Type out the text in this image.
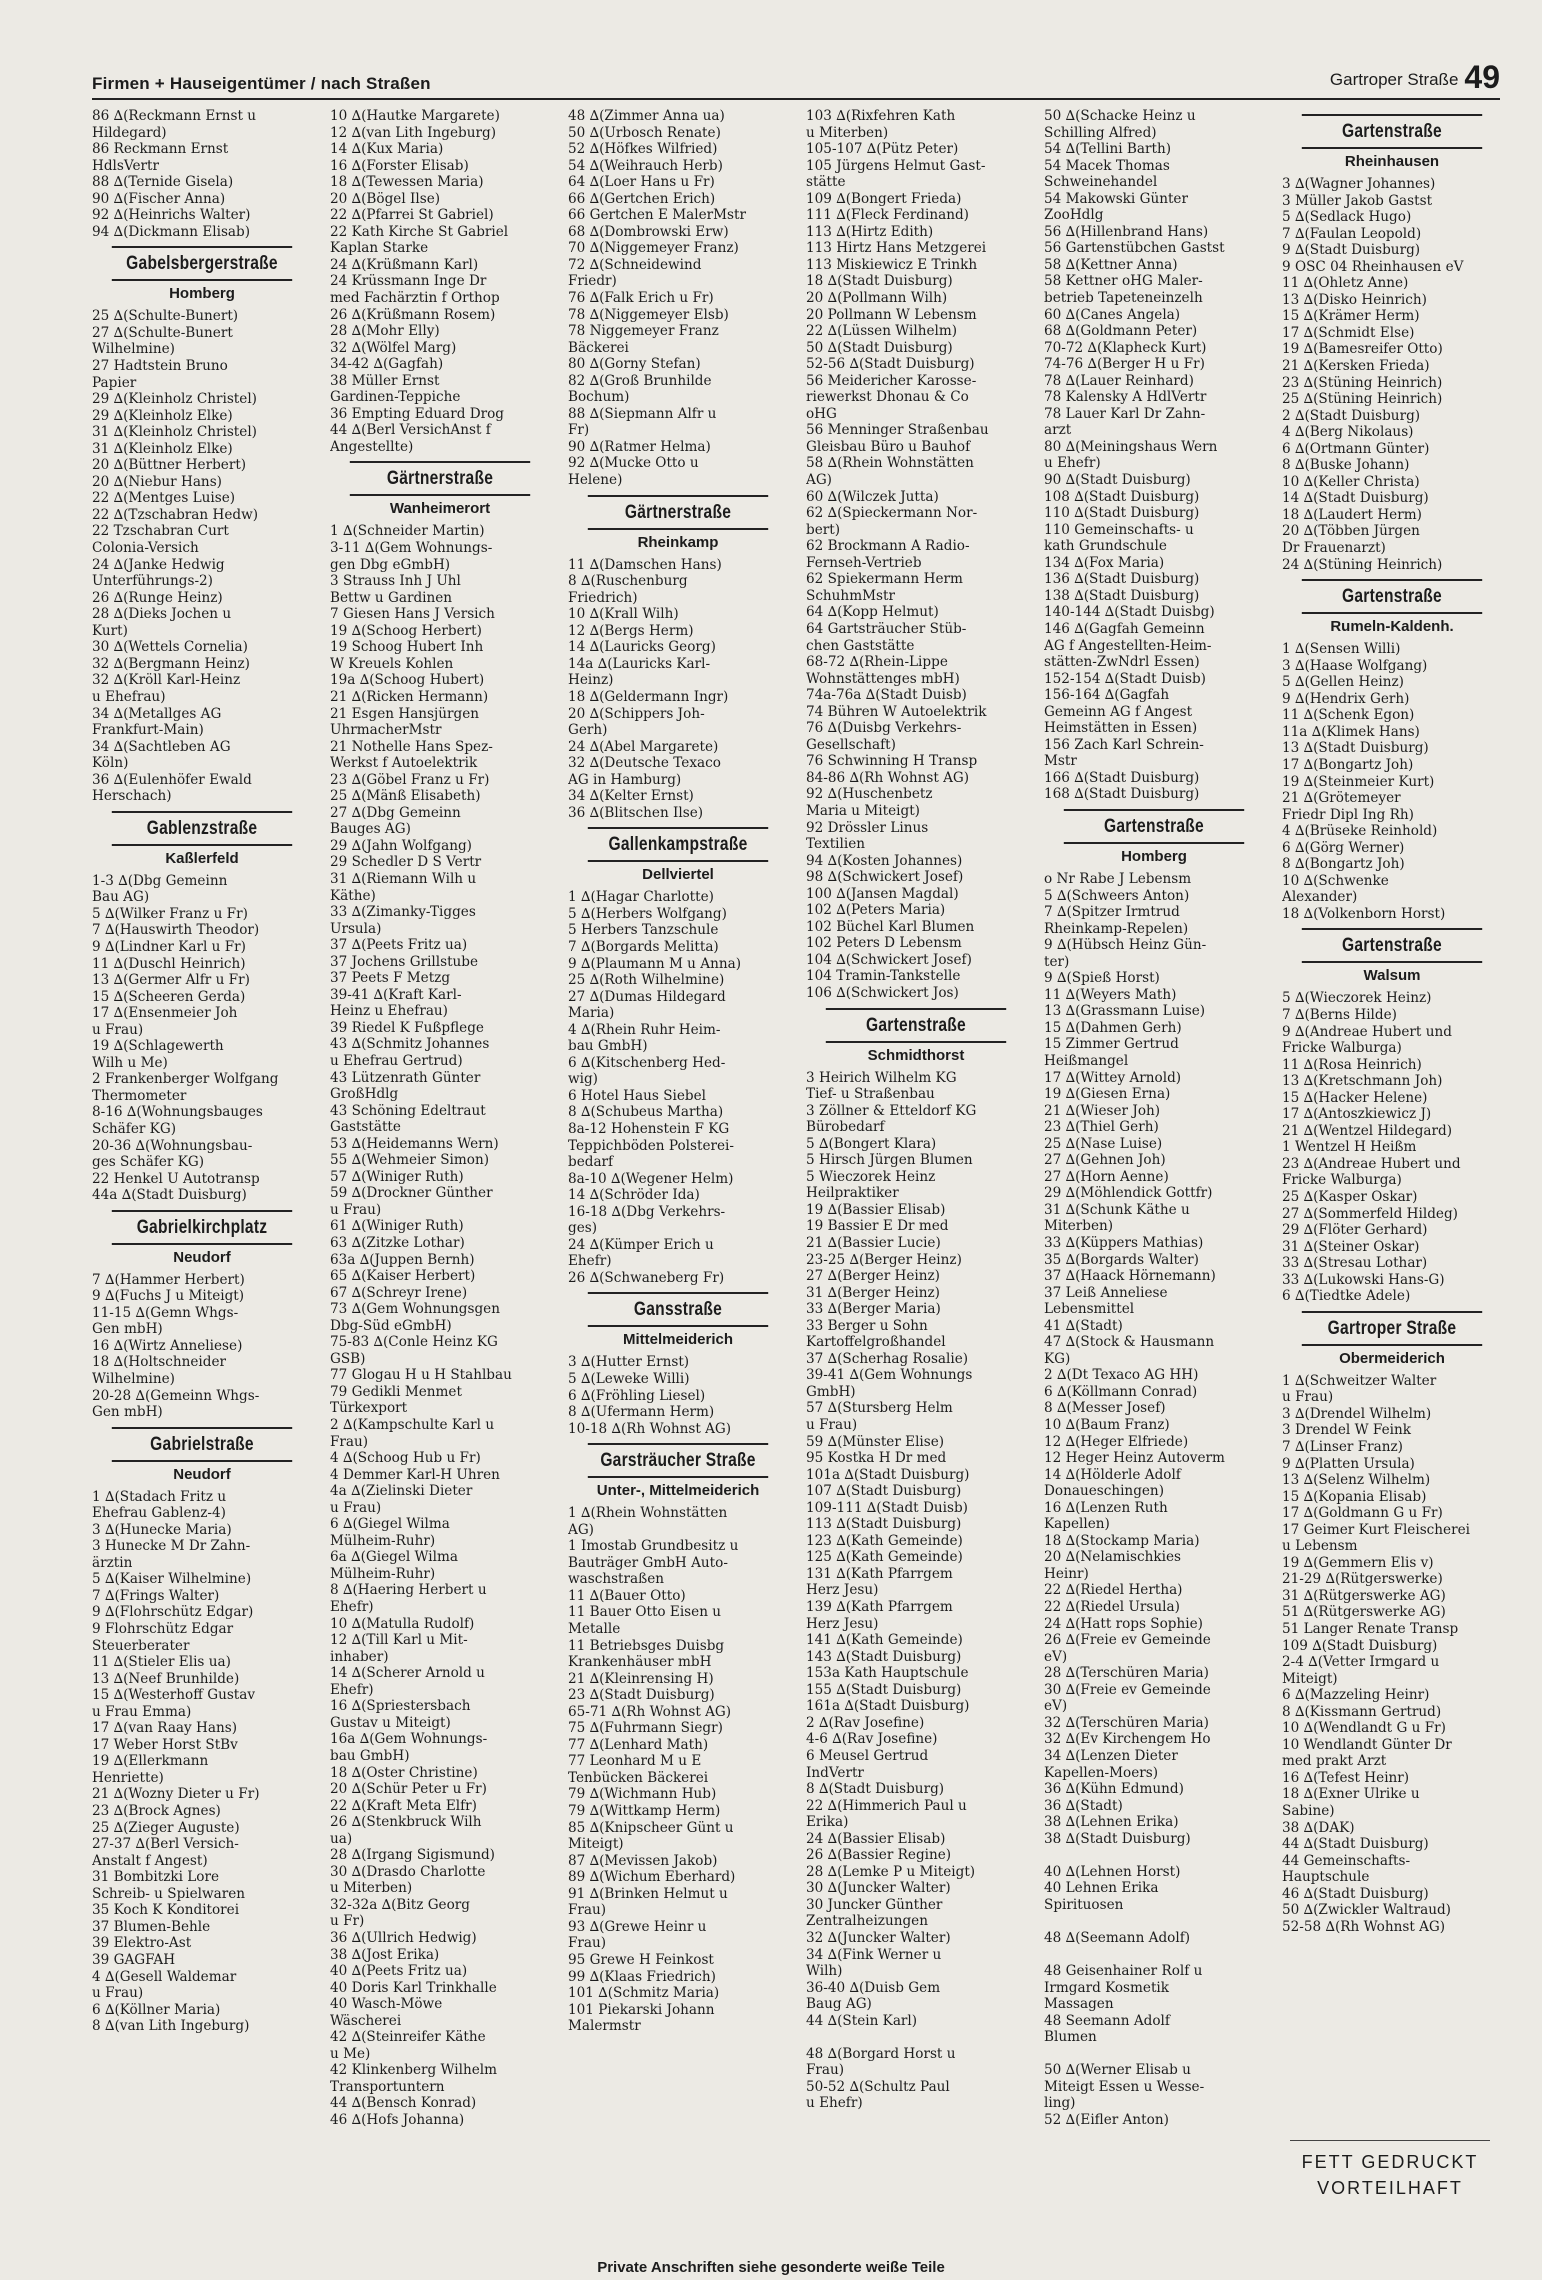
Firmen + Hauseigentümer / nach Straßen	Gartroper Straße 49
86 ∆(Reckmann Ernst u
Hildegard)
86 Reckmann Ernst
HdlsVertr
88 ∆(Ternide Gisela)
90 ∆(Fischer Anna)
92 ∆(Heinrichs Walter)
94 ∆(Dickmann Elisab)
Gabelsbergerstraße
Homberg
25 ∆(Schulte-Bunert)
27 ∆(Schulte-Bunert
Wilhelmine)
27 Hadtstein Bruno
Papier
29 ∆(Kleinholz Christel)
29 ∆(Kleinholz Elke)
31 ∆(Kleinholz Christel)
31 ∆(Kleinholz Elke)
20 ∆(Büttner Herbert)
20 ∆(Niebur Hans)
22 ∆(Mentges Luise)
22 ∆(Tzschabran Hedw)
22 Tzschabran Curt
Colonia-Versich
24 ∆(Janke Hedwig
Unterführungs-2)
26 ∆(Runge Heinz)
28 ∆(Dieks Jochen u
Kurt)
30 ∆(Wettels Cornelia)
32 ∆(Bergmann Heinz)
32 ∆(Kröll Karl-Heinz
u Ehefrau)
34 ∆(Metallges AG
Frankfurt-Main)
34 ∆(Sachtleben AG
Köln)
36 ∆(Eulenhöfer Ewald
Herschach)
Gablenzstraße
Kaßlerfeld
1-3 ∆(Dbg Gemeinn
Bau AG)
5 ∆(Wilker Franz u Fr)
7 ∆(Hauswirth Theodor)
9 ∆(Lindner Karl u Fr)
11 ∆(Duschl Heinrich)
13 ∆(Germer Alfr u Fr)
15 ∆(Scheeren Gerda)
17 ∆(Ensenmeier Joh
u Frau)
19 ∆(Schlagewerth
Wilh u Me)
2 Frankenberger Wolfgang
Thermometer
8-16 ∆(Wohnungsbauges
Schäfer KG)
20-36 ∆(Wohnungsbau-
ges Schäfer KG)
22 Henkel U Autotransp
44a ∆(Stadt Duisburg)
Gabrielkirchplatz
Neudorf
7 ∆(Hammer Herbert)
9 ∆(Fuchs J u Miteigt)
11-15 ∆(Gemn Whgs-
Gen mbH)
16 ∆(Wirtz Anneliese)
18 ∆(Holtschneider
Wilhelmine)
20-28 ∆(Gemeinn Whgs-
Gen mbH)
Gabrielstraße
Neudorf
1 ∆(Stadach Fritz u
Ehefrau Gablenz-4)
3 ∆(Hunecke Maria)
3 Hunecke M Dr Zahn-
ärztin
5 ∆(Kaiser Wilhelmine)
7 ∆(Frings Walter)
9 ∆(Flohrschütz Edgar)
9 Flohrschütz Edgar
Steuerberater
11 ∆(Stieler Elis ua)
13 ∆(Neef Brunhilde)
15 ∆(Westerhoff Gustav
u Frau Emma)
17 ∆(van Raay Hans)
17 Weber Horst StBv
19 ∆(Ellerkmann
Henriette)
21 ∆(Wozny Dieter u Fr)
23 ∆(Brock Agnes)
25 ∆(Zieger Auguste)
27-37 ∆(Berl Versich-
Anstalt f Angest)
31 Bombitzki Lore
Schreib- u Spielwaren
35 Koch K Konditorei
37 Blumen-Behle
39 Elektro-Ast
39 GAGFAH
4 ∆(Gesell Waldemar
u Frau)
6 ∆(Köllner Maria)
8 ∆(van Lith Ingeburg)
10 ∆(Hautke Margarete)
12 ∆(van Lith Ingeburg)
14 ∆(Kux Maria)
16 ∆(Forster Elisab)
18 ∆(Tewessen Maria)
20 ∆(Bögel Ilse)
22 ∆(Pfarrei St Gabriel)
22 Kath Kirche St Gabriel
Kaplan Starke
24 ∆(Krüßmann Karl)
24 Krüssmann Inge Dr
med Fachärztin f Orthop
26 ∆(Krüßmann Rosem)
28 ∆(Mohr Elly)
32 ∆(Wölfel Marg)
34-42 ∆(Gagfah)
38 Müller Ernst
Gardinen-Teppiche
36 Empting Eduard Drog
44 ∆(Berl VersichAnst f
Angestellte)
Gärtnerstraße
Wanheimerort
1 ∆(Schneider Martin)
3-11 ∆(Gem Wohnungs-
gen Dbg eGmbH)
3 Strauss Inh J Uhl
Bettw u Gardinen
7 Giesen Hans J Versich
19 ∆(Schoog Herbert)
19 Schoog Hubert Inh
W Kreuels Kohlen
19a ∆(Schoog Hubert)
21 ∆(Ricken Hermann)
21 Esgen Hansjürgen
UhrmacherMstr
21 Nothelle Hans Spez-
Werkst f Autoelektrik
23 ∆(Göbel Franz u Fr)
25 ∆(Mänß Elisabeth)
27 ∆(Dbg Gemeinn
Bauges AG)
29 ∆(Jahn Wolfgang)
29 Schedler D S Vertr
31 ∆(Riemann Wilh u
Käthe)
33 ∆(Zimanky-Tigges
Ursula)
37 ∆(Peets Fritz ua)
37 Jochens Grillstube
37 Peets F Metzg
39-41 ∆(Kraft Karl-
Heinz u Ehefrau)
39 Riedel K Fußpflege
43 ∆(Schmitz Johannes
u Ehefrau Gertrud)
43 Lützenrath Günter
GroßHdlg
43 Schöning Edeltraut
Gaststätte
53 ∆(Heidemanns Wern)
55 ∆(Wehmeier Simon)
57 ∆(Winiger Ruth)
59 ∆(Drockner Günther
u Frau)
61 ∆(Winiger Ruth)
63 ∆(Zitzke Lothar)
63a ∆(Juppen Bernh)
65 ∆(Kaiser Herbert)
67 ∆(Schreyr Irene)
73 ∆(Gem Wohnungsgen
Dbg-Süd eGmbH)
75-83 ∆(Conle Heinz KG
GSB)
77 Glogau H u H Stahlbau
79 Gedikli Menmet
Türkexport
2 ∆(Kampschulte Karl u
Frau)
4 ∆(Schoog Hub u Fr)
4 Demmer Karl-H Uhren
4a ∆(Zielinski Dieter
u Frau)
6 ∆(Giegel Wilma
Mülheim-Ruhr)
6a ∆(Giegel Wilma
Mülheim-Ruhr)
8 ∆(Haering Herbert u
Ehefr)
10 ∆(Matulla Rudolf)
12 ∆(Till Karl u Mit-
inhaber)
14 ∆(Scherer Arnold u
Ehefr)
16 ∆(Spriestersbach
Gustav u Miteigt)
16a ∆(Gem Wohnungs-
bau GmbH)
18 ∆(Oster Christine)
20 ∆(Schür Peter u Fr)
22 ∆(Kraft Meta Elfr)
26 ∆(Stenkbruck Wilh
ua)
28 ∆(Irgang Sigismund)
30 ∆(Drasdo Charlotte
u Miterben)
32-32a ∆(Bitz Georg
u Fr)
36 ∆(Ullrich Hedwig)
38 ∆(Jost Erika)
40 ∆(Peets Fritz ua)
40 Doris Karl Trinkhalle
40 Wasch-Möwe
Wäscherei
42 ∆(Steinreifer Käthe
u Me)
42 Klinkenberg Wilhelm
Transportuntern
44 ∆(Bensch Konrad)
46 ∆(Hofs Johanna)
48 ∆(Zimmer Anna ua)
50 ∆(Urbosch Renate)
52 ∆(Höfkes Wilfried)
54 ∆(Weihrauch Herb)
64 ∆(Loer Hans u Fr)
66 ∆(Gertchen Erich)
66 Gertchen E MalerMstr
68 ∆(Dombrowski Erw)
70 ∆(Niggemeyer Franz)
72 ∆(Schneidewind
Friedr)
76 ∆(Falk Erich u Fr)
78 ∆(Niggemeyer Elsb)
78 Niggemeyer Franz
Bäckerei
80 ∆(Gorny Stefan)
82 ∆(Groß Brunhilde
Bochum)
88 ∆(Siepmann Alfr u
Fr)
90 ∆(Ratmer Helma)
92 ∆(Mucke Otto u
Helene)
Gärtnerstraße
Rheinkamp
11 ∆(Damschen Hans)
8 ∆(Ruschenburg
Friedrich)
10 ∆(Krall Wilh)
12 ∆(Bergs Herm)
14 ∆(Lauricks Georg)
14a ∆(Lauricks Karl-
Heinz)
18 ∆(Geldermann Ingr)
20 ∆(Schippers Joh-
Gerh)
24 ∆(Abel Margarete)
32 ∆(Deutsche Texaco
AG in Hamburg)
34 ∆(Kelter Ernst)
36 ∆(Blitschen Ilse)
Gallenkampstraße
Dellviertel
1 ∆(Hagar Charlotte)
5 ∆(Herbers Wolfgang)
5 Herbers Tanzschule
7 ∆(Borgards Melitta)
9 ∆(Plaumann M u Anna)
25 ∆(Roth Wilhelmine)
27 ∆(Dumas Hildegard
Maria)
4 ∆(Rhein Ruhr Heim-
bau GmbH)
6 ∆(Kitschenberg Hed-
wig)
6 Hotel Haus Siebel
8 ∆(Schubeus Martha)
8a-12 Hohenstein F KG
Teppichböden Polsterei-
bedarf
8a-10 ∆(Wegener Helm)
14 ∆(Schröder Ida)
16-18 ∆(Dbg Verkehrs-
ges)
24 ∆(Kümper Erich u
Ehefr)
26 ∆(Schwaneberg Fr)
Gansstraße
Mittelmeiderich
3 ∆(Hutter Ernst)
5 ∆(Leweke Willi)
6 ∆(Fröhling Liesel)
8 ∆(Ufermann Herm)
10-18 ∆(Rh Wohnst AG)
Garsträucher Straße
Unter-, Mittelmeiderich
1 ∆(Rhein Wohnstätten
AG)
1 Imostab Grundbesitz u
Bauträger GmbH Auto-
waschstraßen
11 ∆(Bauer Otto)
11 Bauer Otto Eisen u
Metalle
11 Betriebsges Duisbg
Krankenhäuser mbH
21 ∆(Kleinrensing H)
23 ∆(Stadt Duisburg)
65-71 ∆(Rh Wohnst AG)
75 ∆(Fuhrmann Siegr)
77 ∆(Lenhard Math)
77 Leonhard M u E
Tenbücken Bäckerei
79 ∆(Wichmann Hub)
79 ∆(Wittkamp Herm)
85 ∆(Knipscheer Günt u
Miteigt)
87 ∆(Mevissen Jakob)
89 ∆(Wichum Eberhard)
91 ∆(Brinken Helmut u
Frau)
93 ∆(Grewe Heinr u
Frau)
95 Grewe H Feinkost
99 ∆(Klaas Friedrich)
101 ∆(Schmitz Maria)
101 Piekarski Johann
Malermstr
103 ∆(Rixfehren Kath
u Miterben)
105-107 ∆(Pütz Peter)
105 Jürgens Helmut Gast-
stätte
109 ∆(Bongert Frieda)
111 ∆(Fleck Ferdinand)
113 ∆(Hirtz Edith)
113 Hirtz Hans Metzgerei
113 Miskiewicz E Trinkh
18 ∆(Stadt Duisburg)
20 ∆(Pollmann Wilh)
20 Pollmann W Lebensm
22 ∆(Lüssen Wilhelm)
50 ∆(Stadt Duisburg)
52-56 ∆(Stadt Duisburg)
56 Meidericher Karosse-
riewerkst Dhonau & Co
oHG
56 Menninger Straßenbau
Gleisbau Büro u Bauhof
58 ∆(Rhein Wohnstätten
AG)
60 ∆(Wilczek Jutta)
62 ∆(Spieckermann Nor-
bert)
62 Brockmann A Radio-
Fernseh-Vertrieb
62 Spiekermann Herm
SchuhmMstr
64 ∆(Kopp Helmut)
64 Gartsträucher Stüb-
chen Gaststätte
68-72 ∆(Rhein-Lippe
Wohnstättenges mbH)
74a-76a ∆(Stadt Duisb)
74 Bühren W Autoelektrik
76 ∆(Duisbg Verkehrs-
Gesellschaft)
76 Schwinning H Transp
84-86 ∆(Rh Wohnst AG)
92 ∆(Huschenbetz
Maria u Miteigt)
92 Drössler Linus
Textilien
94 ∆(Kosten Johannes)
98 ∆(Schwickert Josef)
100 ∆(Jansen Magdal)
102 ∆(Peters Maria)
102 Büchel Karl Blumen
102 Peters D Lebensm
104 ∆(Schwickert Josef)
104 Tramin-Tankstelle
106 ∆(Schwickert Jos)
Gartenstraße
Schmidthorst
3 Heirich Wilhelm KG
Tief- u Straßenbau
3 Zöllner & Etteldorf KG
Bürobedarf
5 ∆(Bongert Klara)
5 Hirsch Jürgen Blumen
5 Wieczorek Heinz
Heilpraktiker
19 ∆(Bassier Elisab)
19 Bassier E Dr med
21 ∆(Bassier Lucie)
23-25 ∆(Berger Heinz)
27 ∆(Berger Heinz)
31 ∆(Berger Heinz)
33 ∆(Berger Maria)
33 Berger u Sohn
Kartoffelgroßhandel
37 ∆(Scherhag Rosalie)
39-41 ∆(Gem Wohnungs
GmbH)
57 ∆(Stursberg Helm
u Frau)
59 ∆(Münster Elise)
95 Kostka H Dr med
101a ∆(Stadt Duisburg)
107 ∆(Stadt Duisburg)
109-111 ∆(Stadt Duisb)
113 ∆(Stadt Duisburg)
123 ∆(Kath Gemeinde)
125 ∆(Kath Gemeinde)
131 ∆(Kath Pfarrgem
Herz Jesu)
139 ∆(Kath Pfarrgem
Herz Jesu)
141 ∆(Kath Gemeinde)
143 ∆(Stadt Duisburg)
153a Kath Hauptschule
155 ∆(Stadt Duisburg)
161a ∆(Stadt Duisburg)
2 ∆(Rav Josefine)
4-6 ∆(Rav Josefine)
6 Meusel Gertrud
IndVertr
8 ∆(Stadt Duisburg)
22 ∆(Himmerich Paul u
Erika)
24 ∆(Bassier Elisab)
26 ∆(Bassier Regine)
28 ∆(Lemke P u Miteigt)
30 ∆(Juncker Walter)
30 Juncker Günther
Zentralheizungen
32 ∆(Juncker Walter)
34 ∆(Fink Werner u
Wilh)
36-40 ∆(Duisb Gem
Baug AG)
44 ∆(Stein Karl)

48 ∆(Borgard Horst u
Frau)
50-52 ∆(Schultz Paul
u Ehefr)
50 ∆(Schacke Heinz u
Schilling Alfred)
54 ∆(Tellini Barth)
54 Macek Thomas
Schweinehandel
54 Makowski Günter
ZooHdlg
56 ∆(Hillenbrand Hans)
56 Gartenstübchen Gastst
58 ∆(Kettner Anna)
58 Kettner oHG Maler-
betrieb Tapeteneinzelh
60 ∆(Canes Angela)
68 ∆(Goldmann Peter)
70-72 ∆(Klapheck Kurt)
74-76 ∆(Berger H u Fr)
78 ∆(Lauer Reinhard)
78 Kalensky A HdlVertr
78 Lauer Karl Dr Zahn-
arzt
80 ∆(Meiningshaus Wern
u Ehefr)
90 ∆(Stadt Duisburg)
108 ∆(Stadt Duisburg)
110 ∆(Stadt Duisburg)
110 Gemeinschafts- u
kath Grundschule
134 ∆(Fox Maria)
136 ∆(Stadt Duisburg)
138 ∆(Stadt Duisburg)
140-144 ∆(Stadt Duisbg)
146 ∆(Gagfah Gemeinn
AG f Angestellten-Heim-
stätten-ZwNdrl Essen)
152-154 ∆(Stadt Duisb)
156-164 ∆(Gagfah
Gemeinn AG f Angest
Heimstätten in Essen)
156 Zach Karl Schrein-
Mstr
166 ∆(Stadt Duisburg)
168 ∆(Stadt Duisburg)
Gartenstraße
Homberg
o Nr Rabe J Lebensm
5 ∆(Schweers Anton)
7 ∆(Spitzer Irmtrud
Rheinkamp-Repelen)
9 ∆(Hübsch Heinz Gün-
ter)
9 ∆(Spieß Horst)
11 ∆(Weyers Math)
13 ∆(Grassmann Luise)
15 ∆(Dahmen Gerh)
15 Zimmer Gertrud
Heißmangel
17 ∆(Wittey Arnold)
19 ∆(Giesen Erna)
21 ∆(Wieser Joh)
23 ∆(Thiel Gerh)
25 ∆(Nase Luise)
27 ∆(Gehnen Joh)
27 ∆(Horn Aenne)
29 ∆(Möhlendick Gottfr)
31 ∆(Schunk Käthe u
Miterben)
33 ∆(Küppers Mathias)
35 ∆(Borgards Walter)
37 ∆(Haack Hörnemann)
37 Leiß Anneliese
Lebensmittel
41 ∆(Stadt)
47 ∆(Stock & Hausmann
KG)
2 ∆(Dt Texaco AG HH)
6 ∆(Köllmann Conrad)
8 ∆(Messer Josef)
10 ∆(Baum Franz)
12 ∆(Heger Elfriede)
12 Heger Heinz Autoverm
14 ∆(Hölderle Adolf
Donaueschingen)
16 ∆(Lenzen Ruth
Kapellen)
18 ∆(Stockamp Maria)
20 ∆(Nelamischkies
Heinr)
22 ∆(Riedel Hertha)
22 ∆(Riedel Ursula)
24 ∆(Hatt rops Sophie)
26 ∆(Freie ev Gemeinde
eV)
28 ∆(Terschüren Maria)
30 ∆(Freie ev Gemeinde
eV)
32 ∆(Terschüren Maria)
32 ∆(Ev Kirchengem Ho
34 ∆(Lenzen Dieter
Kapellen-Moers)
36 ∆(Kühn Edmund)
36 ∆(Stadt)
38 ∆(Lehnen Erika)
38 ∆(Stadt Duisburg)

40 ∆(Lehnen Horst)
40 Lehnen Erika
Spirituosen

48 ∆(Seemann Adolf)

48 Geisenhainer Rolf u
Irmgard Kosmetik
Massagen
48 Seemann Adolf
Blumen

50 ∆(Werner Elisab u
Miteigt Essen u Wesse-
ling)
52 ∆(Eifler Anton)
Gartenstraße
Rheinhausen
3 ∆(Wagner Johannes)
3 Müller Jakob Gastst
5 ∆(Sedlack Hugo)
7 ∆(Faulan Leopold)
9 ∆(Stadt Duisburg)
9 OSC 04 Rheinhausen eV
11 ∆(Ohletz Anne)
13 ∆(Disko Heinrich)
15 ∆(Krämer Herm)
17 ∆(Schmidt Else)
19 ∆(Bamesreifer Otto)
21 ∆(Kersken Frieda)
23 ∆(Stüning Heinrich)
25 ∆(Stüning Heinrich)
2 ∆(Stadt Duisburg)
4 ∆(Berg Nikolaus)
6 ∆(Ortmann Günter)
8 ∆(Buske Johann)
10 ∆(Keller Christa)
14 ∆(Stadt Duisburg)
18 ∆(Laudert Herm)
20 ∆(Többen Jürgen
Dr Frauenarzt)
24 ∆(Stüning Heinrich)
Gartenstraße
Rumeln-Kaldenh.
1 ∆(Sensen Willi)
3 ∆(Haase Wolfgang)
5 ∆(Gellen Heinz)
9 ∆(Hendrix Gerh)
11 ∆(Schenk Egon)
11a ∆(Klimek Hans)
13 ∆(Stadt Duisburg)
17 ∆(Bongartz Joh)
19 ∆(Steinmeier Kurt)
21 ∆(Grötemeyer
Friedr Dipl Ing Rh)
4 ∆(Brüseke Reinhold)
6 ∆(Görg Werner)
8 ∆(Bongartz Joh)
10 ∆(Schwenke
Alexander)
18 ∆(Volkenborn Horst)
Gartenstraße
Walsum
5 ∆(Wieczorek Heinz)
7 ∆(Berns Hilde)
9 ∆(Andreae Hubert und
Fricke Walburga)
11 ∆(Rosa Heinrich)
13 ∆(Kretschmann Joh)
15 ∆(Hacker Helene)
17 ∆(Antoszkiewicz J)
21 ∆(Wentzel Hildegard)
1 Wentzel H Heißm
23 ∆(Andreae Hubert und
Fricke Walburga)
25 ∆(Kasper Oskar)
27 ∆(Sommerfeld Hildeg)
29 ∆(Flöter Gerhard)
31 ∆(Steiner Oskar)
33 ∆(Stresau Lothar)
33 ∆(Lukowski Hans-G)
6 ∆(Tiedtke Adele)
Gartroper Straße
Obermeiderich
1 ∆(Schweitzer Walter
u Frau)
3 ∆(Drendel Wilhelm)
3 Drendel W Feink
7 ∆(Linser Franz)
9 ∆(Platten Ursula)
13 ∆(Selenz Wilhelm)
15 ∆(Kopania Elisab)
17 ∆(Goldmann G u Fr)
17 Geimer Kurt Fleischerei
u Lebensm
19 ∆(Gemmern Elis v)
21-29 ∆(Rütgerswerke)
31 ∆(Rütgerswerke AG)
51 ∆(Rütgerswerke AG)
51 Langer Renate Transp
109 ∆(Stadt Duisburg)
2-4 ∆(Vetter Irmgard u
Miteigt)
6 ∆(Mazzeling Heinr)
8 ∆(Kissmann Gertrud)
10 ∆(Wendlandt G u Fr)
10 Wendlandt Günter Dr
med prakt Arzt
16 ∆(Tefest Heinr)
18 ∆(Exner Ulrike u
Sabine)
38 ∆(DAK)
44 ∆(Stadt Duisburg)
44 Gemeinschafts-
Hauptschule
46 ∆(Stadt Duisburg)
50 ∆(Zwickler Waltraud)
52-58 ∆(Rh Wohnst AG)
Private Anschriften siehe gesonderte weiße Teile
FETT GEDRUCKT
VORTEILHAFT
